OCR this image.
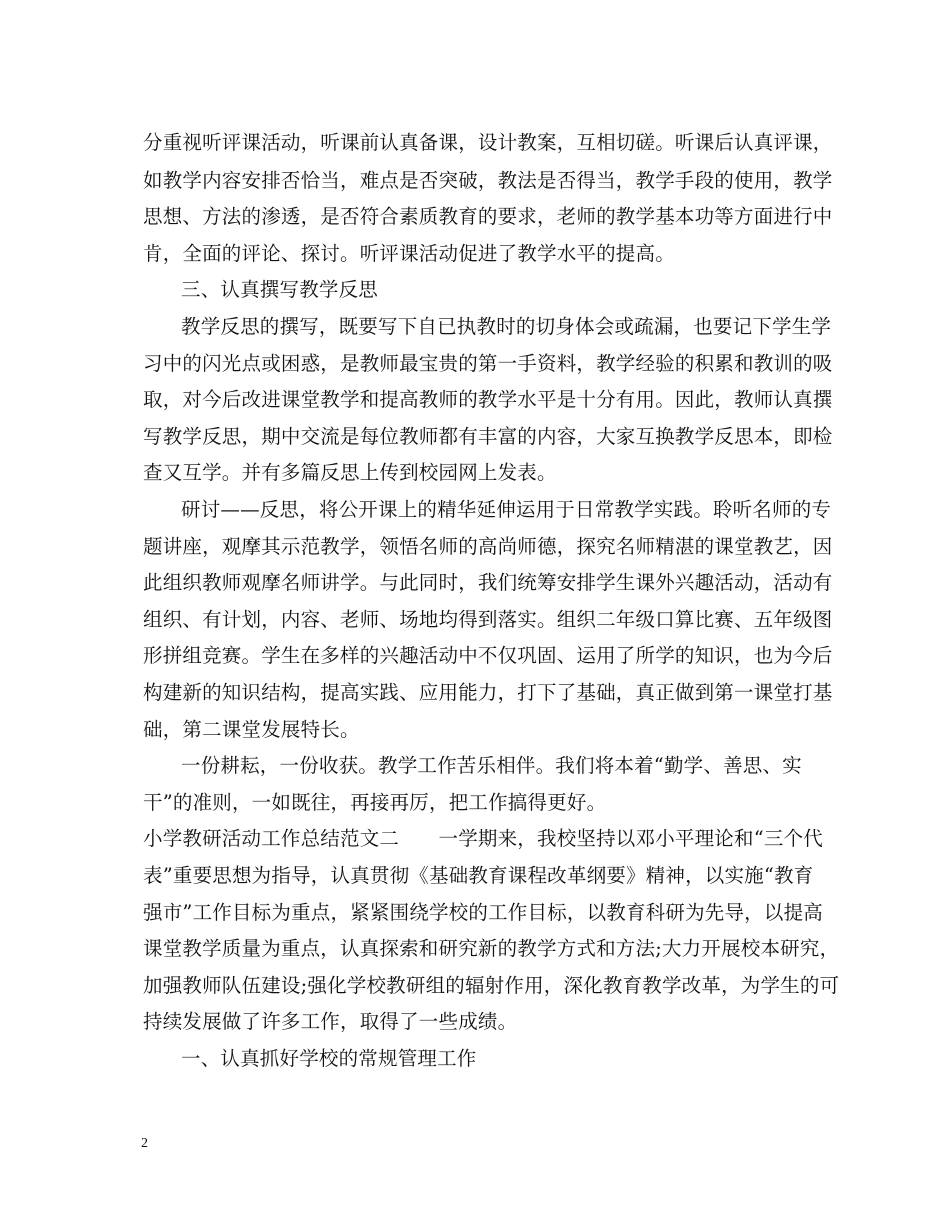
分重视听评课活动，听课前认真备课，设计教案，互相切磋。听课后认真评课，
如教学内容安排否恰当，难点是否突破，教法是否得当，教学手段的使用，教学
思想、方法的渗透，是否符合素质教育的要求，老师的教学基本功等方面进行中
肯，全面的评论、探讨。听评课活动促进了教学水平的提高。
三、认真撰写教学反思
教学反思的撰写，既要写下自已执教时的切身体会或疏漏，也要记下学生学
习中的闪光点或困惑，是教师最宝贵的第一手资料，教学经验的积累和教训的吸
取，对今后改进课堂教学和提高教师的教学水平是十分有用。因此，教师认真撰
写教学反思，期中交流是每位教师都有丰富的内容，大家互换教学反思本，即检
查又互学。并有多篇反思上传到校园网上发表。
研讨——反思，将公开课上的精华延伸运用于日常教学实践。聆听名师的专
题讲座，观摩其示范教学，领悟名师的高尚师德，探究名师精湛的课堂教艺，因
此组织教师观摩名师讲学。与此同时，我们统筹安排学生课外兴趣活动，活动有
组织、有计划，内容、老师、场地均得到落实。组织二年级口算比赛、五年级图
形拼组竞赛。学生在多样的兴趣活动中不仅巩固、运用了所学的知识，也为今后
构建新的知识结构，提高实践、应用能力，打下了基础，真正做到第一课堂打基
础，第二课堂发展特长。
一份耕耘，一份收获。教学工作苦乐相伴。我们将本着“勤学、善思、实
干”的准则，一如既往，再接再厉，把工作搞得更好。
小学教研活动工作总结范文二　　一学期来，我校坚持以邓小平理论和“三个代
表”重要思想为指导，认真贯彻《基础教育课程改革纲要》精神，以实施“教育
强市”工作目标为重点，紧紧围绕学校的工作目标，以教育科研为先导，以提高
课堂教学质量为重点，认真探索和研究新的教学方式和方法;大力开展校本研究，
加强教师队伍建设;强化学校教研组的辐射作用，深化教育教学改革，为学生的可
持续发展做了许多工作，取得了一些成绩。
一、认真抓好学校的常规管理工作
2
